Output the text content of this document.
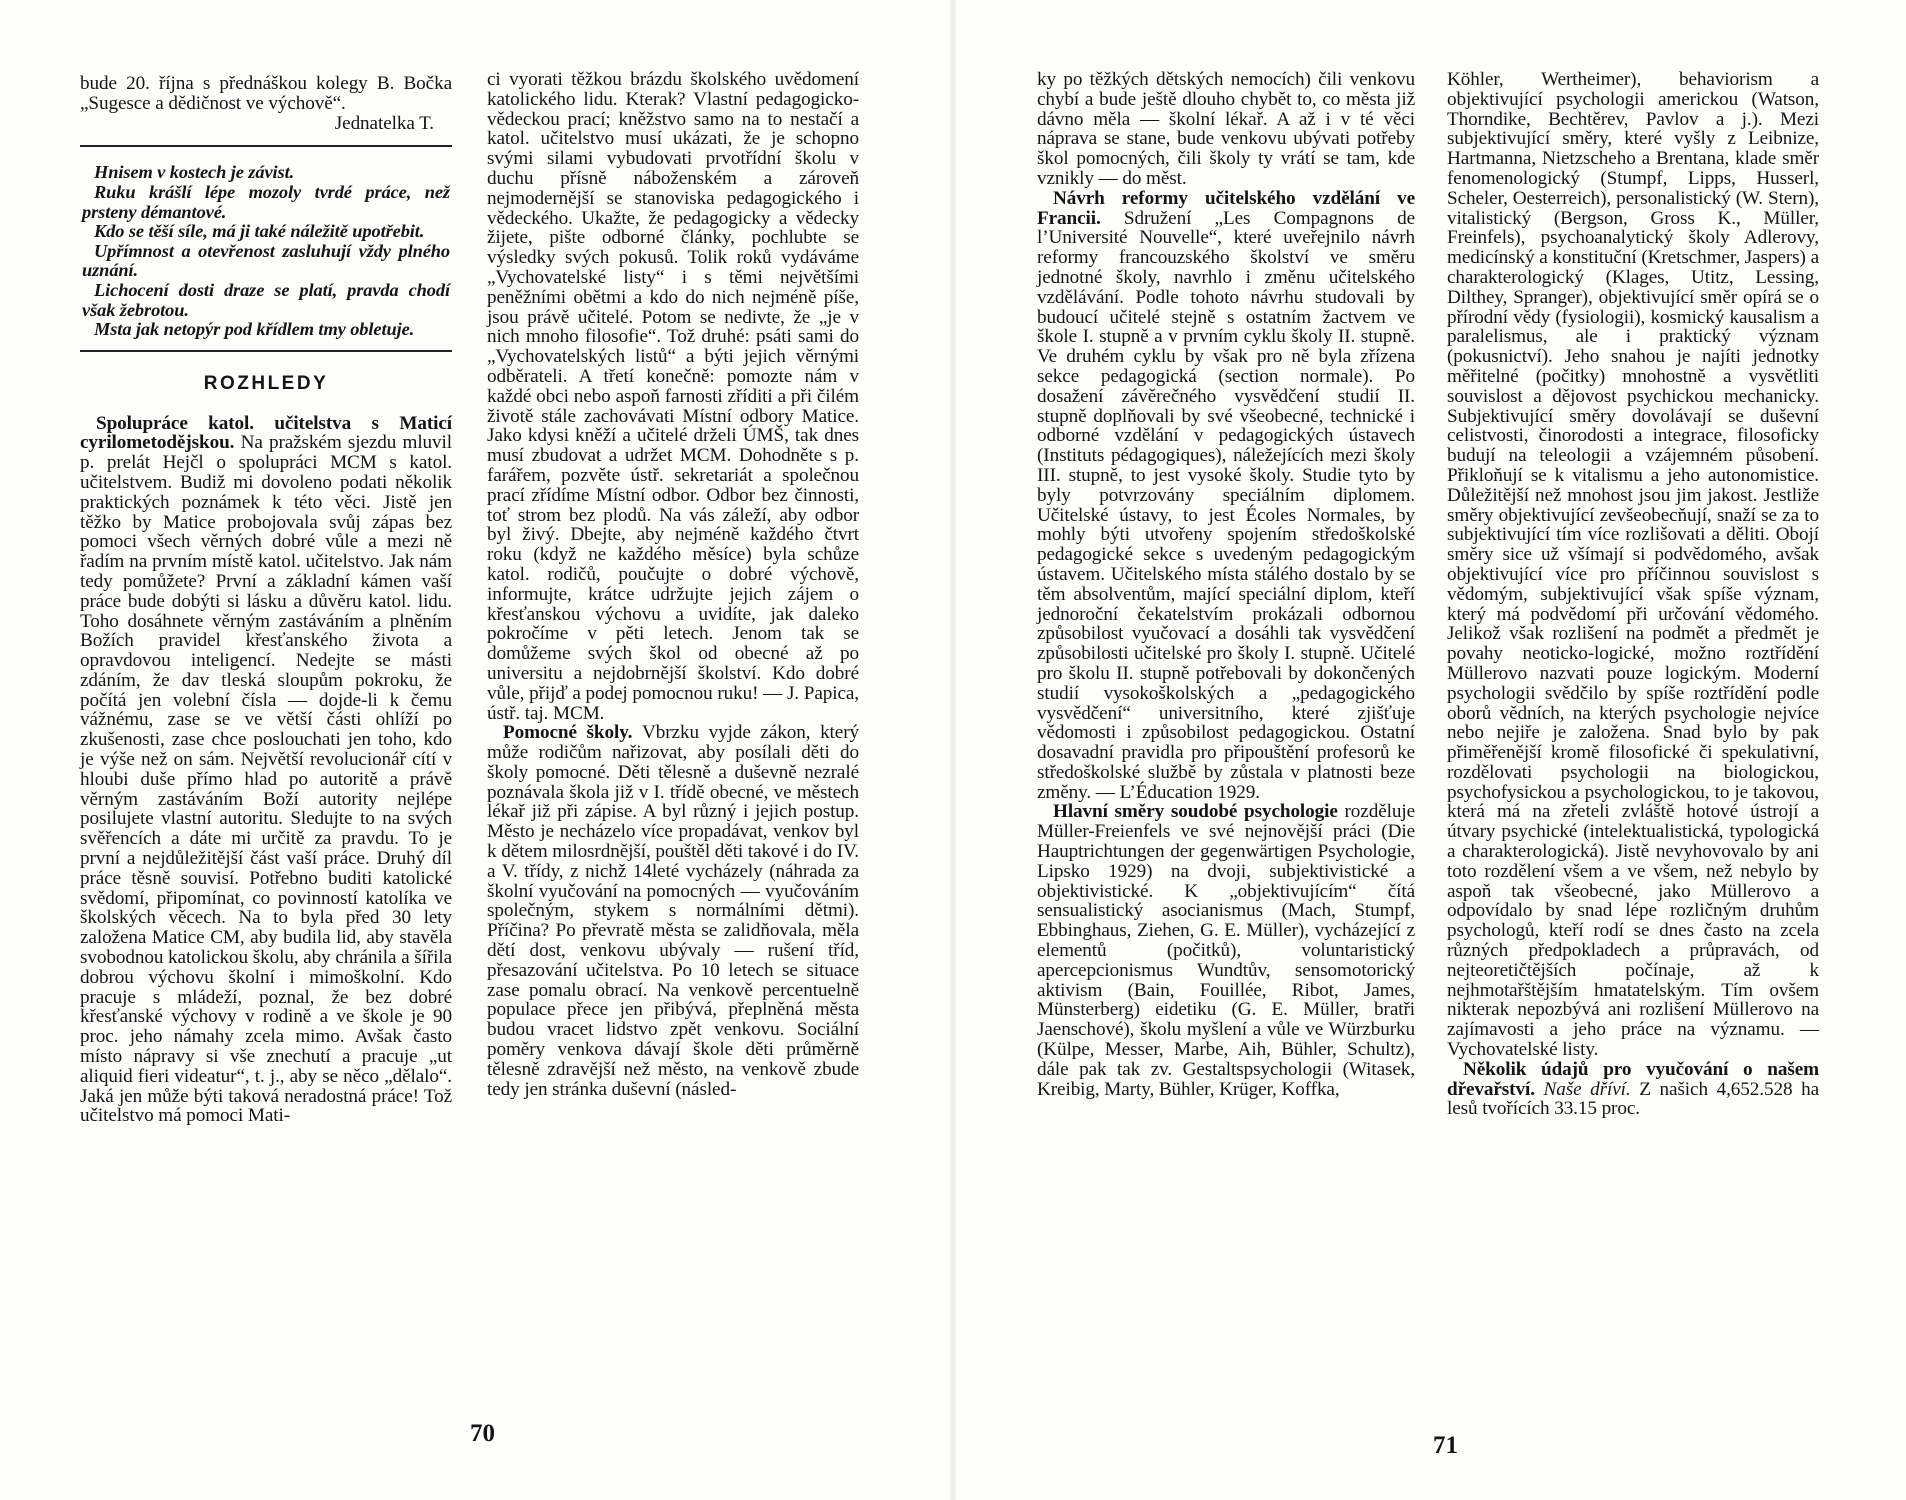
bude 20. října s přednáškou kolegy B. Bočka „Sugesce a dědičnost ve výchově“.

Jednatelka T.

Hnisem v kostech je závist.

Ruku krášlí lépe mozoly tvrdé práce, než prsteny démantové.

Kdo se těší síle, má ji také náležitě upotřebit.

Upřímnost a otevřenost zasluhují vždy plného uznání.

Lichocení dosti draze se platí, pravda chodí však žebrotou.

Msta jak netopýr pod křídlem tmy obletuje.

ROZHLEDY

Spolupráce katol. učitelstva s Maticí cyrilometodějskou. Na pražském sjezdu mluvil p. prelát Hejčl o spolupráci MCM s katol. učitelstvem. Budiž mi dovoleno podati několik praktických poznámek k této věci. Jistě jen těžko by Matice probojovala svůj zápas bez pomoci všech věrných dobré vůle a mezi ně řadím na prvním místě katol. učitelstvo. Jak nám tedy pomůžete? První a základní kámen vaší práce bude dobýti si lásku a důvěru katol. lidu. Toho dosáhnete věrným zastáváním a plněním Božích pravidel křesťanského života a opravdovou inteligencí. Nedejte se másti zdáním, že dav tleská sloupům pokroku, že počítá jen volební čísla — dojde-li k čemu vážnému, zase se ve větší části ohlíží po zkušenosti, zase chce poslouchati jen toho, kdo je výše než on sám. Největší revolucionář cítí v hloubi duše přímo hlad po autoritě a právě věrným zastáváním Boží autority nejlépe posilujete vlastní autoritu. Sledujte to na svých svěřencích a dáte mi určitě za pravdu. To je první a nejdůležitější část vaší práce. Druhý díl práce těsně souvisí. Potřebno buditi katolické svědomí, připomínat, co povinností katolíka ve školských věcech. Na to byla před 30 lety založena Matice CM, aby budila lid, aby stavěla svobodnou katolickou školu, aby chránila a šířila dobrou výchovu školní i mimoškolní. Kdo pracuje s mládeží, poznal, že bez dobré křesťanské výchovy v rodině a ve škole je 90 proc. jeho námahy zcela mimo. Avšak často místo nápravy si vše znechutí a pracuje „ut aliquid fieri videatur“, t. j., aby se něco „dělalo“. Jaká jen může býti taková neradostná práce! Tož učitelstvo má pomoci Mati-

ci vyorati těžkou brázdu školského uvědomení katolického lidu. Kterak? Vlastní pedagogicko-vědeckou prací; kněžstvo samo na to nestačí a katol. učitelstvo musí ukázati, že je schopno svými silami vybudovati prvotřídní školu v duchu přísně náboženském a zároveň nejmodernější se stanoviska pedagogického i vědeckého. Ukažte, že pedagogicky a vědecky žijete, pište odborné články, pochlubte se výsledky svých pokusů. Tolik roků vydáváme „Vychovatelské listy“ i s těmi největšími peněžními obětmi a kdo do nich nejméně píše, jsou právě učitelé. Potom se nedivte, že „je v nich mnoho filosofie“. Tož druhé: psáti sami do „Vychovatelských listů“ a býti jejich věrnými odběrateli. A třetí konečně: pomozte nám v každé obci nebo aspoň farnosti zříditi a při čilém životě stále zachovávati Místní odbory Matice. Jako kdysi kněží a učitelé drželi ÚMŠ, tak dnes musí zbudovat a udržet MCM. Dohodněte s p. farářem, pozvěte ústř. sekretariát a společnou prací zřídíme Místní odbor. Odbor bez činnosti, toť strom bez plodů. Na vás záleží, aby odbor byl živý. Dbejte, aby nejméně každého čtvrt roku (když ne každého měsíce) byla schůze katol. rodičů, poučujte o dobré výchově, informujte, krátce udržujte jejich zájem o křesťanskou výchovu a uvidíte, jak daleko pokročíme v pěti letech. Jenom tak se domůžeme svých škol od obecné až po universitu a nejdobrnější školství. Kdo dobré vůle, přijď a podej pomocnou ruku! — J. Papica, ústř. taj. MCM.

Pomocné školy. Vbrzku vyjde zákon, který může rodičům nařizovat, aby posílali děti do školy pomocné. Děti tělesně a duševně nezralé poznávala škola již v I. třídě obecné, ve městech lékař již při zápise. A byl různý i jejich postup. Město je necházelo více propadávat, venkov byl k dětem milosrdnější, pouštěl děti takové i do IV. a V. třídy, z nichž 14leté vycházely (náhrada za školní vyučování na pomocných — vyučováním společným, stykem s normálními dětmi). Příčina? Po převratě města se zalidňovala, měla dětí dost, venkovu ubývaly — rušení tříd, přesazování učitelstva. Po 10 letech se situace zase pomalu obrací. Na venkově percentuelně populace přece jen přibývá, přeplněná města budou vracet lidstvo zpět venkovu. Sociální poměry venkova dávají škole děti průměrně tělesně zdravější než město, na venkově zbude tedy jen stránka duševní (násled-

70

ky po těžkých dětských nemocích) čili venkovu chybí a bude ještě dlouho chybět to, co města již dávno měla — školní lékař. A až i v té věci náprava se stane, bude venkovu ubývati potřeby škol pomocných, čili školy ty vrátí se tam, kde vznikly — do měst.

Návrh reformy učitelského vzdělání ve Francii. Sdružení „Les Compagnons de l’Université Nouvelle“, které uveřejnilo návrh reformy francouzského školství ve směru jednotné školy, navrhlo i změnu učitelského vzdělávání. Podle tohoto návrhu studovali by budoucí učitelé stejně s ostatním žactvem ve škole I. stupně a v prvním cyklu školy II. stupně. Ve druhém cyklu by však pro ně byla zřízena sekce pedagogická (section normale). Po dosažení závěrečného vysvědčení studií II. stupně doplňovali by své všeobecné, technické i odborné vzdělání v pedagogických ústavech (Instituts pédagogiques), náležejících mezi školy III. stupně, to jest vysoké školy. Studie tyto by byly potvrzovány speciálním diplomem. Učitelské ústavy, to jest Écoles Normales, by mohly býti utvořeny spojením středoškolské pedagogické sekce s uvedeným pedagogickým ústavem. Učitelského místa stálého dostalo by se těm absolventům, mající speciální diplom, kteří jednoroční čekatelstvím prokázali odbornou způsobilost vyučovací a dosáhli tak vysvědčení způsobilosti učitelské pro školy I. stupně. Učitelé pro školu II. stupně potřebovali by dokončených studií vysokoškolských a „pedagogického vysvědčení“ universitního, které zjišťuje vědomosti i způsobilost pedagogickou. Ostatní dosavadní pravidla pro připouštění profesorů ke středoškolské službě by zůstala v platnosti beze změny. — L’Éducation 1929.

Hlavní směry soudobé psychologie rozděluje Müller-Freienfels ve své nejnovější práci (Die Hauptrichtungen der gegenwärtigen Psychologie, Lipsko 1929) na dvoji, subjektivistické a objektivistické. K „objektivujícím“ čítá sensualistický asocianismus (Mach, Stumpf, Ebbinghaus, Ziehen, G. E. Müller), vycházející z elementů (počitků), voluntaristický apercepcionismus Wundtův, sensomotorický aktivism (Bain, Fouillée, Ribot, James, Münsterberg) eidetiku (G. E. Müller, bratři Jaenschové), školu myšlení a vůle ve Würzburku (Külpe, Messer, Marbe, Aih, Bühler, Schultz), dále pak tak zv. Gestaltspsychologii (Witasek, Kreibig, Marty, Bühler, Krüger, Koffka,

Köhler, Wertheimer), behaviorism a objektivující psychologii americkou (Watson, Thorndike, Bechtěrev, Pavlov a j.). Mezi subjektivující směry, které vyšly z Leibnize, Hartmanna, Nietzscheho a Brentana, klade směr fenomenologický (Stumpf, Lipps, Husserl, Scheler, Oesterreich), personalistický (W. Stern), vitalistický (Bergson, Gross K., Müller, Freinfels), psychoanalytický školy Adlerovy, medicínský a konstituční (Kretschmer, Jaspers) a charakterologický (Klages, Utitz, Lessing, Dilthey, Spranger), objektivující směr opírá se o přírodní vědy (fysiologii), kosmický kausalism a paralelismus, ale i praktický význam (pokusnictví). Jeho snahou je najíti jednotky měřitelné (počitky) mnohostně a vysvětliti souvislost a dějovost psychickou mechanicky. Subjektivující směry dovolávají se duševní celistvosti, činorodosti a integrace, filosoficky budují na teleologii a vzájemném působení. Přikloňují se k vitalismu a jeho autonomistice. Důležitější než mnohost jsou jim jakost. Jestliže směry objektivující zevšeobecňují, snaží se za to subjektivující tím více rozlišovati a děliti. Obojí směry sice už všímají si podvědomého, avšak objektivující více pro příčinnou souvislost s vědomým, subjektivující však spíše význam, který má podvědomí při určování vědomého. Jelikož však rozlišení na podmět a předmět je povahy neoticko-logické, možno roztřídění Müllerovo nazvati pouze logickým. Moderní psychologii svědčilo by spíše roztřídění podle oborů vědních, na kterých psychologie nejvíce nebo nejiře je založena. Snad bylo by pak přiměřenější kromě filosofické či spekulativní, rozdělovati psychologii na biologickou, psychofysickou a psychologickou, to je takovou, která má na zřeteli zvláště hotové ústrojí a útvary psychické (intelektualistická, typologická a charakterologická). Jistě nevyhovovalo by ani toto rozdělení všem a ve všem, než nebylo by aspoň tak všeobecné, jako Müllerovo a odpovídalo by snad lépe rozličným druhům psychologů, kteří rodí se dnes často na zcela různých předpokladech a průpravách, od nejteoretičtějších počínaje, až k nejhmotařštějším hmatatelským. Tím ovšem nikterak nepozbývá ani rozlišení Müllerovo na zajímavosti a jeho práce na významu. — Vychovatelské listy.

Několik údajů pro vyučování o našem dřevařství. Naše dříví. Z našich 4,652.528 ha lesů tvořících 33.15 proc.

71
